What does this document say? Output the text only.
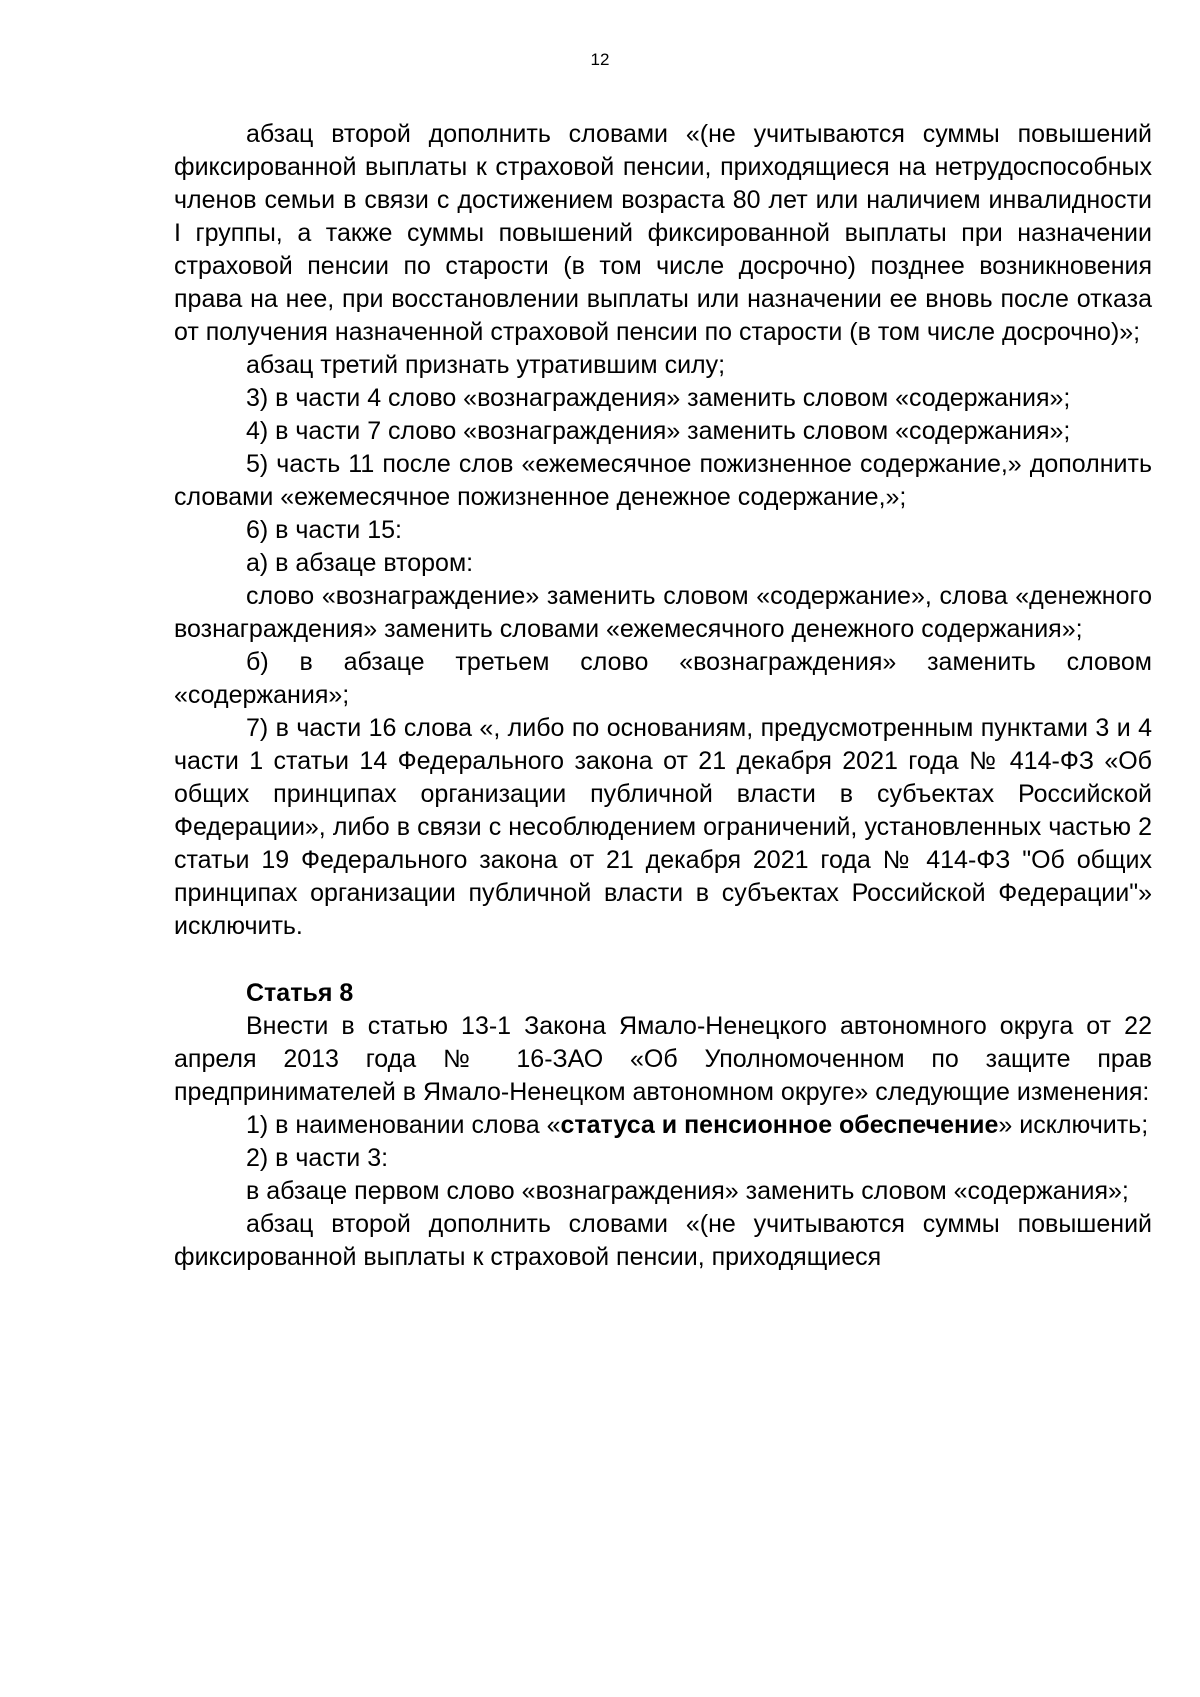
12

абзац второй дополнить словами «(не учитываются суммы повышений фиксированной выплаты к страховой пенсии, приходящиеся на нетрудоспособных членов семьи в связи с достижением возраста 80 лет или наличием инвалидности I группы, а также суммы повышений фиксированной выплаты при назначении страховой пенсии по старости (в том числе досрочно) позднее возникновения права на нее, при восстановлении выплаты или назначении ее вновь после отказа от получения назначенной страховой пенсии по старости (в том числе досрочно)»;

абзац третий признать утратившим силу;

3) в части 4 слово «вознаграждения» заменить словом «содержания»;

4) в части 7 слово «вознаграждения» заменить словом «содержания»;

5) часть 11 после слов «ежемесячное пожизненное содержание,» дополнить словами «ежемесячное пожизненное денежное содержание,»;

6) в части 15:

а) в абзаце втором:

слово «вознаграждение» заменить словом «содержание», слова «денежного вознаграждения» заменить словами «ежемесячного денежного содержания»;

б) в абзаце третьем слово «вознаграждения» заменить словом «содержания»;

7) в части 16 слова «, либо по основаниям, предусмотренным пунктами 3 и 4 части 1 статьи 14 Федерального закона от 21 декабря 2021 года № 414-ФЗ «Об общих принципах организации публичной власти в субъектах Российской Федерации», либо в связи с несоблюдением ограничений, установленных частью 2 статьи 19 Федерального закона от 21 декабря 2021 года № 414-ФЗ "Об общих принципах организации публичной власти в субъектах Российской Федерации"» исключить.

Статья 8

Внести в статью 13-1 Закона Ямало-Ненецкого автономного округа от 22 апреля 2013 года № 16-ЗАО «Об Уполномоченном по защите прав предпринимателей в Ямало-Ненецком автономном округе» следующие изменения:

1) в наименовании слова «статуса и пенсионное обеспечение» исключить;

2) в части 3:

в абзаце первом слово «вознаграждения» заменить словом «содержания»;

абзац второй дополнить словами «(не учитываются суммы повышений фиксированной выплаты к страховой пенсии, приходящиеся
